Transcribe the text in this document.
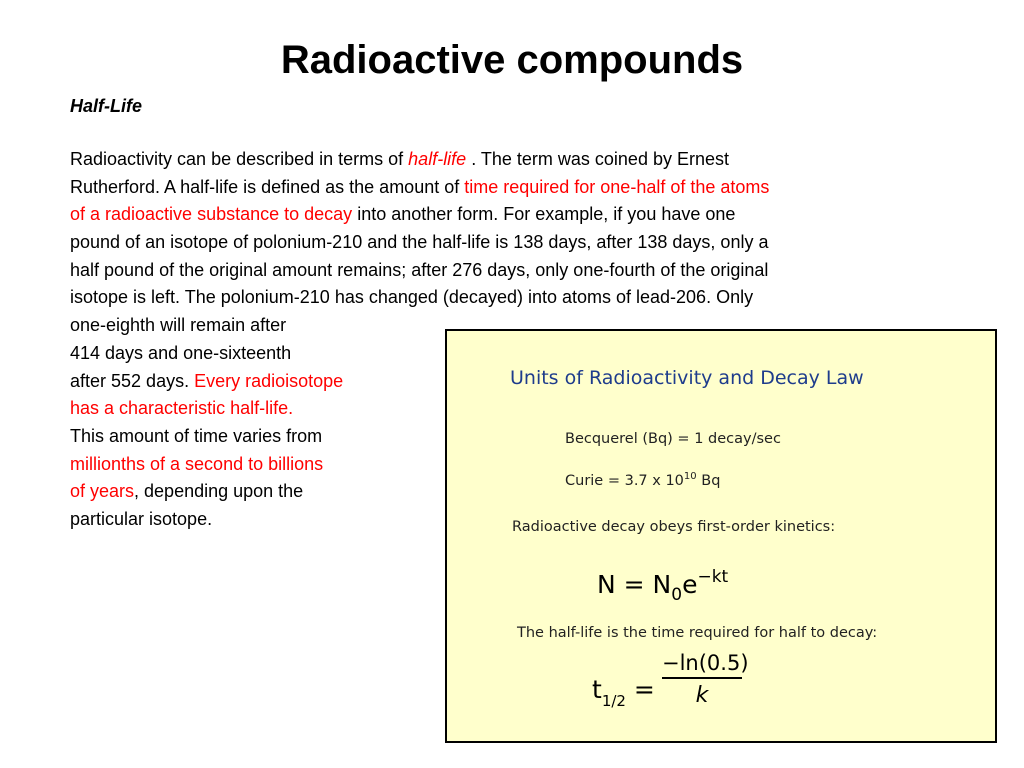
Radioactive compounds
Half-Life
Radioactivity can be described in terms of half-life . The term was coined by Ernest
Rutherford. A half-life is defined as the amount of time required for one-half of the atoms
of a radioactive substance to decay into another form. For example, if you have one
pound of an isotope of polonium-210 and the half-life is 138 days, after 138 days, only a
half pound of the original amount remains; after 276 days, only one-fourth of the original
isotope is left. The polonium-210 has changed (decayed) into atoms of lead-206. Only
one-eighth will remain after
414 days and one-sixteenth
after 552 days. Every radioisotope
has a characteristic half-life.
This amount of time varies from
millionths of a second to billions
of years, depending upon the
particular isotope.
Units of Radioactivity and Decay Law
Becquerel (Bq) = 1 decay/sec
Curie = 3.7 x $10^{10}$ Bq
Radioactive decay obeys first-order kinetics:
$N = N_0e^{-kt}$
The half-life is the time required for half to decay:
$t_{1/2} = \frac{-\ln(0.5)}{k}$
